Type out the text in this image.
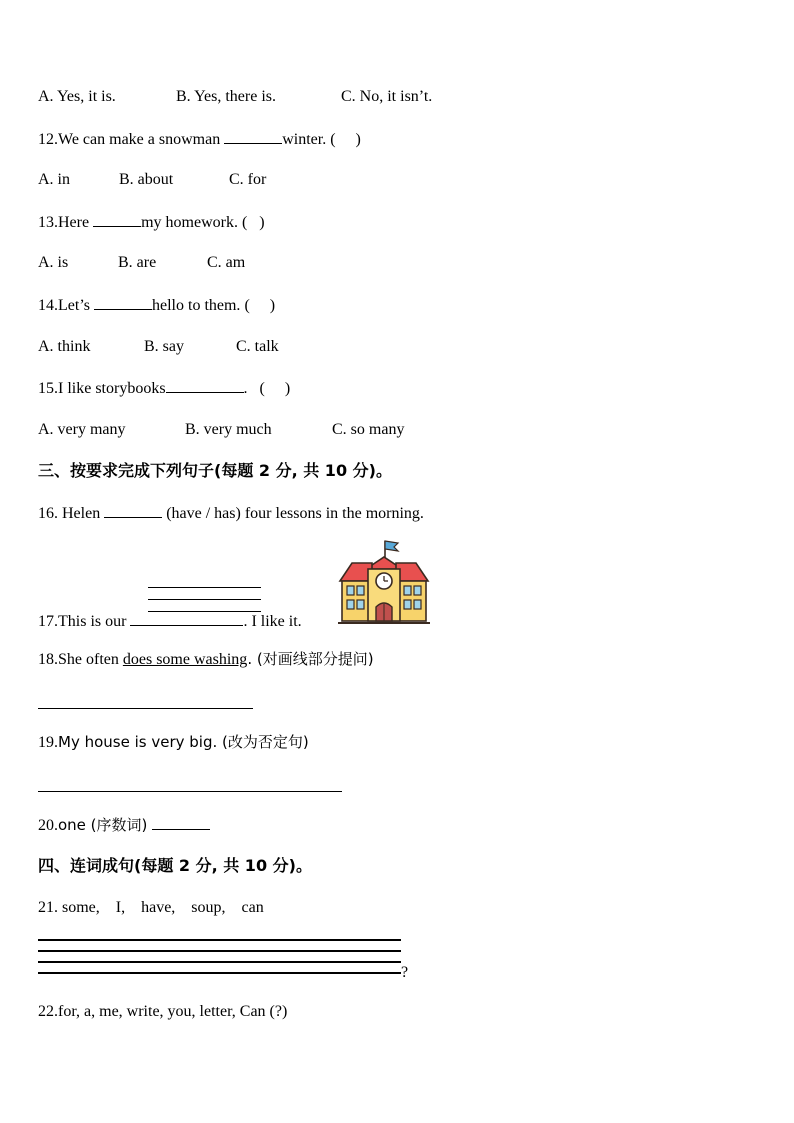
A. Yes, it is.	B. Yes, there is.	C. No, it isn’t.
12.We can make a snowman	winter. (     )
A. in	B. about	C. for
13.Here	my homework. (   )
A. is	B. are	C. am
14.Let’s	hello to them. (     )
A. think	B. say	C. talk
15.I like storybooks	. (     )
A. very many	B. very much	C. so many
三、按要求完成下列句子(每题 2 分, 共 10 分)。
16. Helen	(have / has) four lessons in the morning.
17.This is our	. I like it.
18.She often does some washing. (对画线部分提问)
19.My house is very big. (改为否定句)
20.one (序数词)
四、连词成句(每题 2 分, 共 10 分)。
21. some,    I,    have,    soup,    can
?
22.for, a, me, write, you, letter, Can (?)
